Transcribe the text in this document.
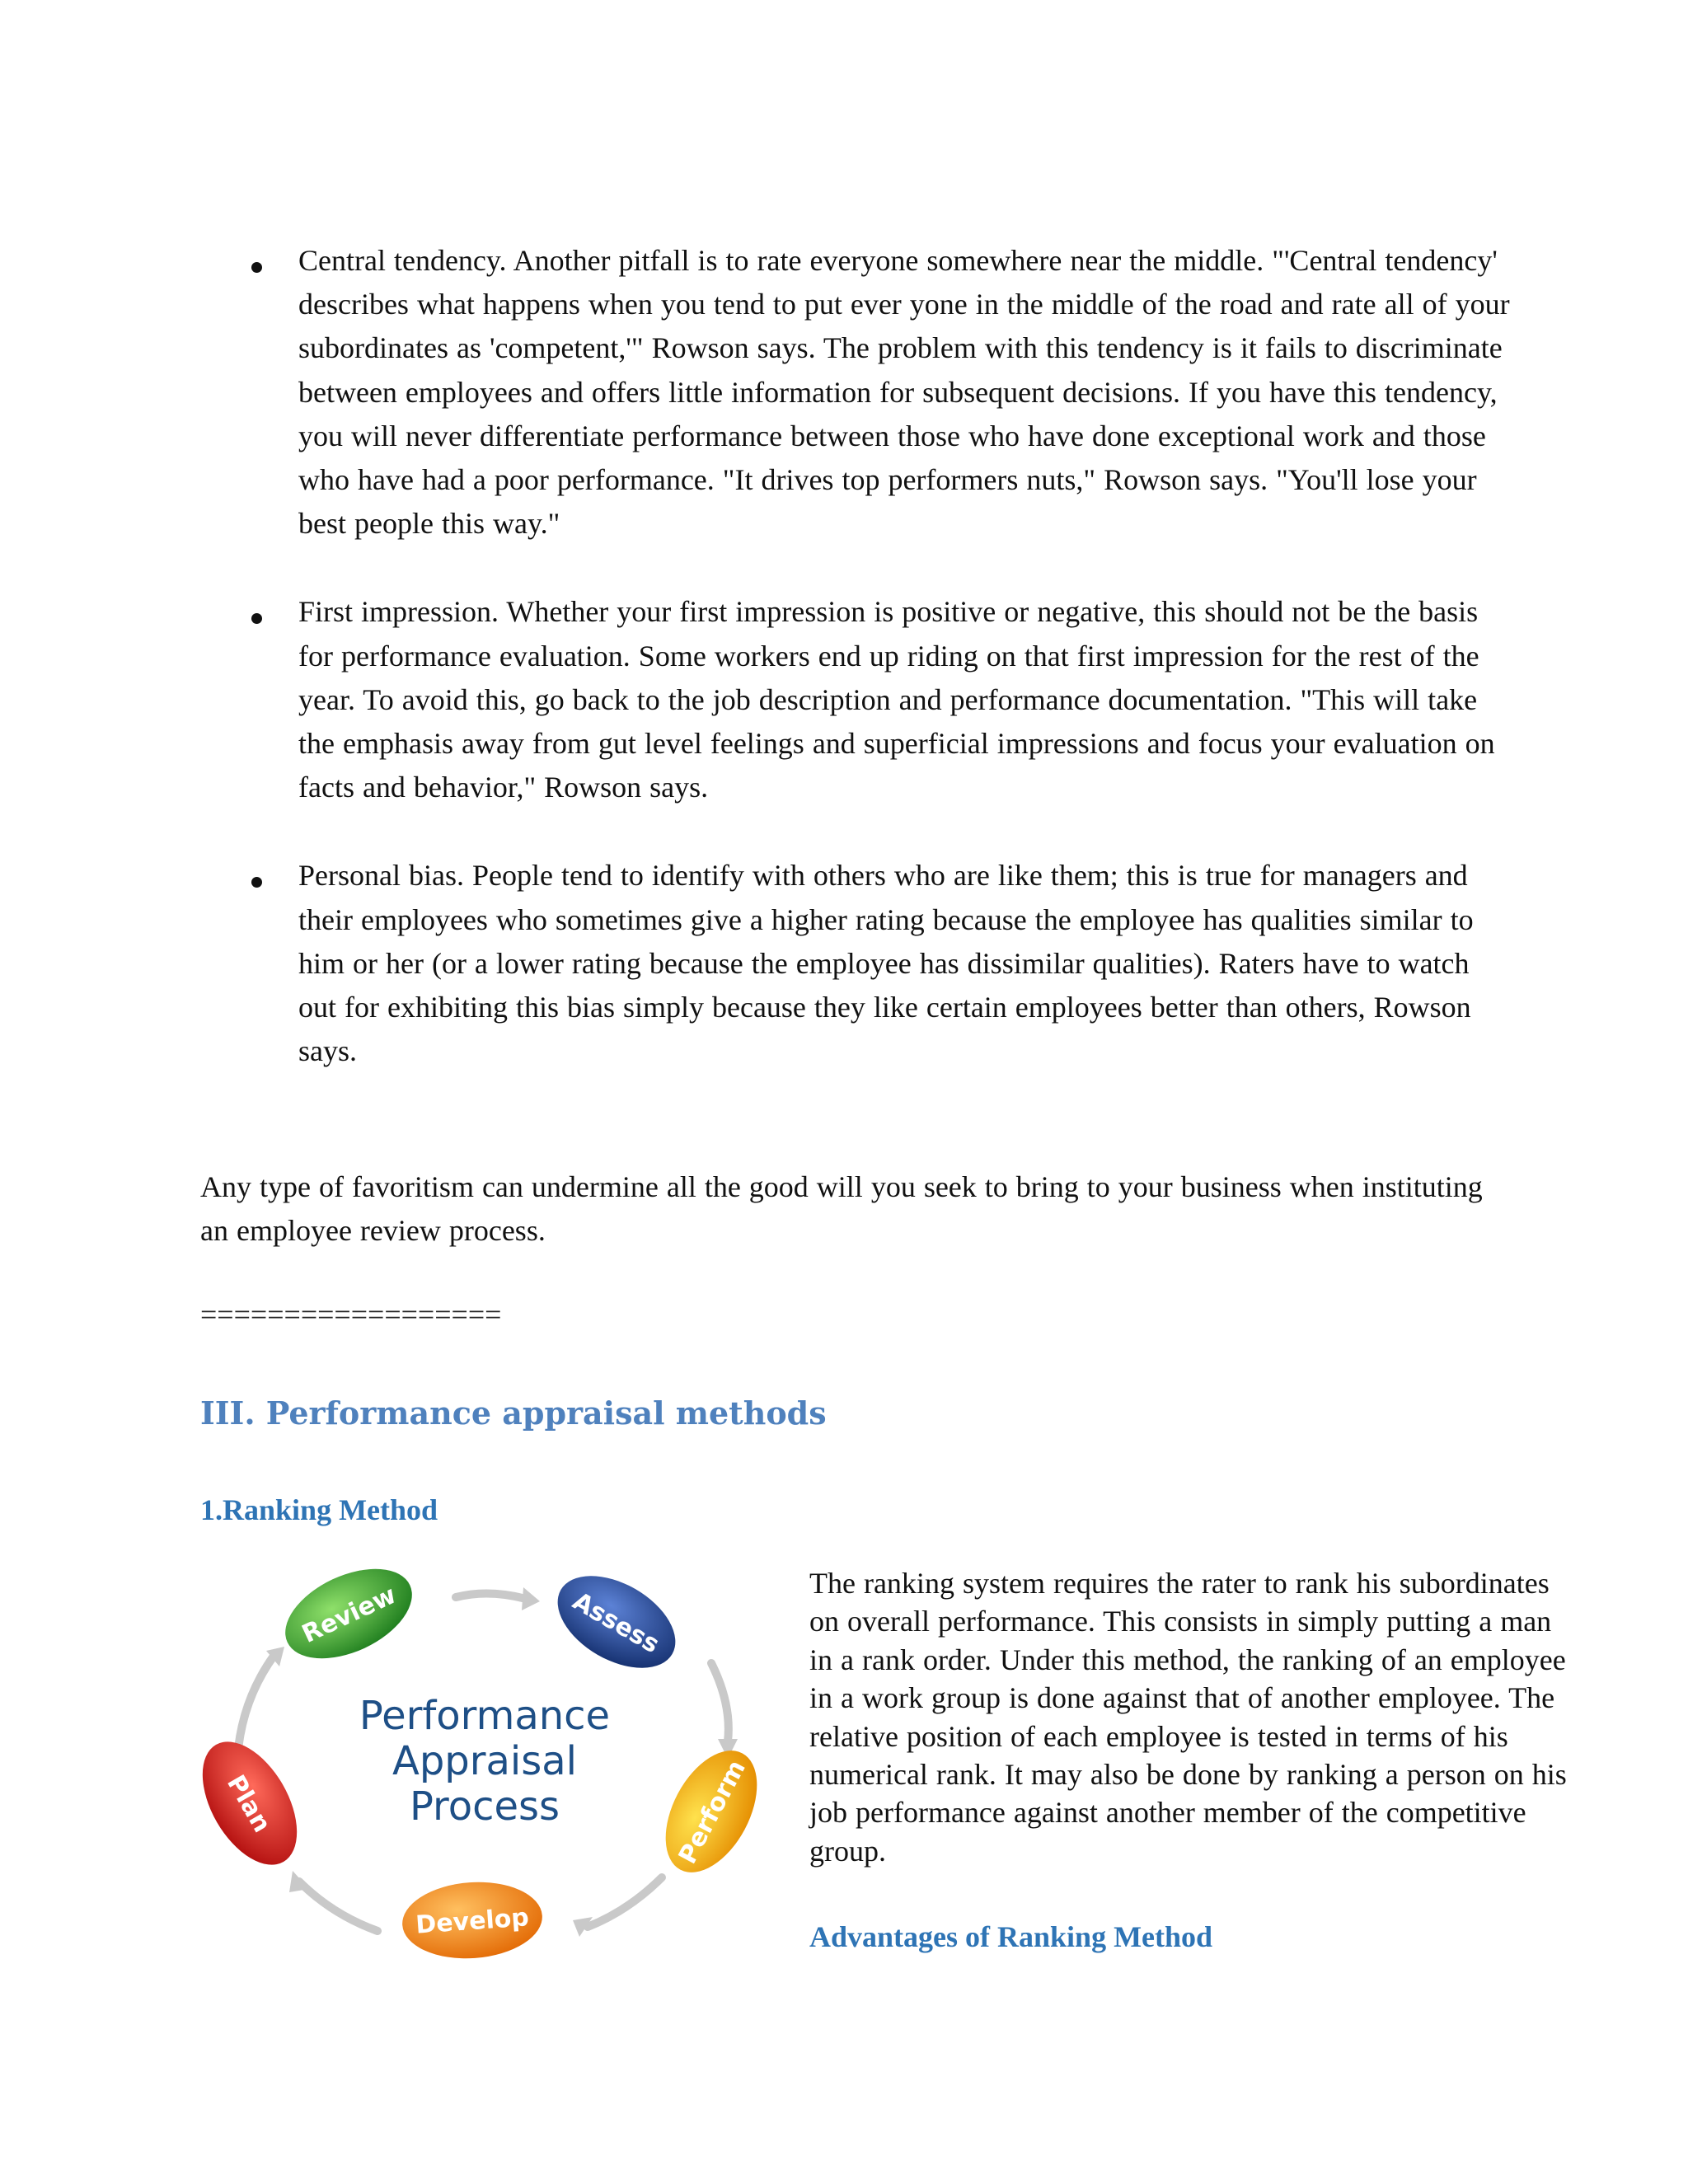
Central tendency. Another pitfall is to rate everyone somewhere near the middle. "'Central tendency' describes what happens when you tend to put ever yone in the middle of the road and rate all of your subordinates as 'competent,'" Rowson says. The problem with this tendency is it fails to discriminate between employees and offers little information for subsequent decisions. If you have this tendency, you will never differentiate performance between those who have done exceptional work and those who have had a poor performance. "It drives top performers nuts," Rowson says. "You'll lose your best people this way."
First impression. Whether your first impression is positive or negative, this should not be the basis for performance evaluation. Some workers end up riding on that first impression for the rest of the year. To avoid this, go back to the job description and performance documentation. "This will take the emphasis away from gut level feelings and superficial impressions and focus your evaluation on facts and behavior," Rowson says.
Personal bias. People tend to identify with others who are like them; this is true for managers and their employees who sometimes give a higher rating because the employee has qualities similar to him or her (or a lower rating because the employee has dissimilar qualities). Raters have to watch out for exhibiting this bias simply because they like certain employees better than others, Rowson says.
Any type of favoritism can undermine all the good will you seek to bring to your business when instituting an employee review process.
==================
III. Performance appraisal methods
1.Ranking Method
Review	Assess
Perform
Develop
Plan
Performance
Appraisal
Process
The ranking system requires the rater to rank his subordinates on overall performance. This consists in simply putting a man in a rank order. Under this method, the ranking of an employee in a work group is done against that of another employee. The relative position of each employee is tested in terms of his numerical rank. It may also be done by ranking a person on his job performance against another member of the competitive group.
Advantages of Ranking Method
